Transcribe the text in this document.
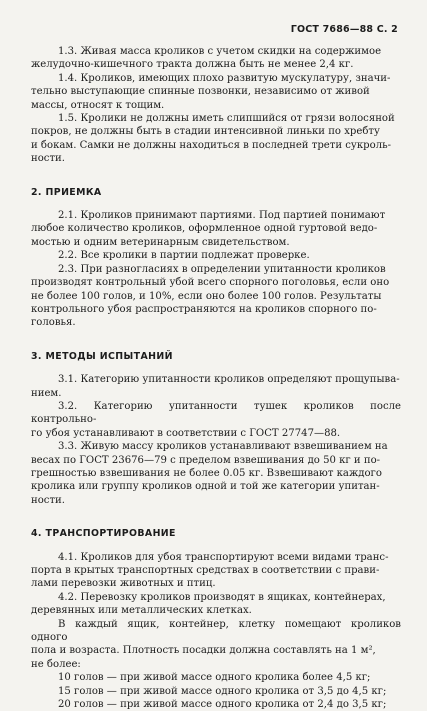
ГОСТ 7686—88 С. 2

1.3. Живая масса кроликов с учетом скидки на содержимое

желудочно-кишечного тракта должна быть не менее 2,4 кг.

1.4. Кроликов, имеющих плохо развитую мускулатуру, значи-

тельно выступающие спинные позвонки, независимо от живой

массы, относят к тощим.

1.5. Кролики не должны иметь слипшийся от грязи волосяной

покров, не должны быть в стадии интенсивной линьки по хребту

и бокам. Самки не должны находиться в последней трети сукроль-

ности.

2. ПРИЕМКА

2.1. Кроликов принимают партиями. Под партией понимают

любое количество кроликов, оформленное одной гуртовой ведо-

мостью и одним ветеринарным свидетельством.

2.2. Все кролики в партии подлежат проверке.

2.3. При разногласиях в определении упитанности кроликов

производят контрольный убой всего спорного поголовья, если оно

не более 100 голов, и 10%, если оно более 100 голов. Результаты

контрольного убоя распространяются на кроликов спорного по-

головья.

3. МЕТОДЫ ИСПЫТАНИЙ

3.1. Категорию упитанности кроликов определяют прощупыва-

нием.

3.2. Категорию упитанности тушек кроликов после контрольно-

го убоя устанавливают в соответствии с ГОСТ 27747—88.

3.3. Живую массу кроликов устанавливают взвешиванием на

весах по ГОСТ 23676—79 с пределом взвешивания до 50 кг и по-

грешностью взвешивания не более 0.05 кг. Взвешивают каждого

кролика или группу кроликов одной и той же категории упитан-

ности.

4. ТРАНСПОРТИРОВАНИЕ

4.1. Кроликов для убоя транспортируют всеми видами транс-

порта в крытых транспортных средствах в соответствии с прави-

лами перевозки животных и птиц.

4.2. Перевозку кроликов производят в ящиках, контейнерах,

деревянных или металлических клетках.

В каждый ящик, контейнер, клетку помещают кроликов одного

пола и возраста. Плотность посадки должна составлять на 1 м²,

не более:

10 голов — при живой массе одного кролика более 4,5 кг;

15 голов — при живой массе одного кролика от 3,5 до 4,5 кг;

20 голов — при живой массе одного кролика от 2,4 до 3,5 кг;
